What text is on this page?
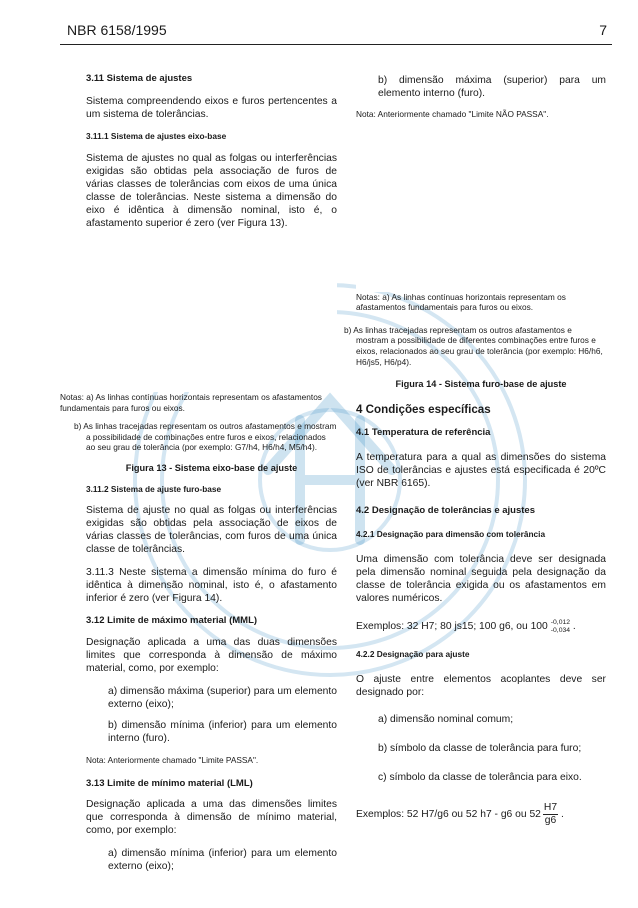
NBR 6158/1995	7

3.11 Sistema de ajustes

Sistema compreendendo eixos e furos pertencentes a um sistema de tolerâncias.

3.11.1 Sistema de ajustes eixo-base

Sistema de ajustes no qual as folgas ou interferências exigidas são obtidas pela associação de furos de várias classes de tolerâncias com eixos de uma única classe de tolerâncias. Neste sistema a dimensão do eixo é idêntica à dimensão nominal, isto é, o afastamento superior é zero (ver Figura 13).

Notas: a) As linhas contínuas horizontais representam os afastamentos fundamentais para furos ou eixos.

b) As linhas tracejadas representam os outros afastamentos e mostram a possibilidade de combinações entre furos e eixos, relacionados ao seu grau de tolerância (por exemplo: G7/h4, H6/h4, M5/h4).

Figura 13 - Sistema eixo-base de ajuste

3.11.2 Sistema de ajuste furo-base

Sistema de ajuste no qual as folgas ou interferências exigidas são obtidas pela associação de eixos de várias classes de tolerâncias, com furos de uma única classe de tolerâncias.

3.11.3 Neste sistema a dimensão mínima do furo é idêntica à dimensão nominal, isto é, o afastamento inferior é zero (ver Figura 14).

3.12 Limite de máximo material (MML)

Designação aplicada a uma das duas dimensões limites que corresponda à dimensão de máximo material, como, por exemplo:

a) dimensão máxima (superior) para um elemento externo (eixo);

b) dimensão mínima (inferior) para um elemento interno (furo).

Nota: Anteriormente chamado "Limite PASSA".

3.13 Limite de mínimo material (LML)

Designação aplicada a uma das dimensões limites que corresponda à dimensão de mínimo material, como, por exemplo:

a) dimensão mínima (inferior) para um elemento externo (eixo);

b) dimensão máxima (superior) para um elemento interno (furo).

Nota: Anteriormente chamado "Limite NÃO PASSA".

Notas: a) As linhas contínuas horizontais representam os afastamentos fundamentais para furos ou eixos.

b) As linhas tracejadas representam os outros afastamentos e mostram a possibilidade de diferentes combinações entre furos e eixos, relacionados ao seu grau de tolerância (por exemplo: H6/h6, H6/js5, H6/p4).

Figura 14 - Sistema furo-base de ajuste

4 Condições específicas

4.1 Temperatura de referência

A temperatura para a qual as dimensões do sistema ISO de tolerâncias e ajustes está especificada é 20ºC (ver NBR 6165).

4.2 Designação de tolerâncias e ajustes

4.2.1 Designação para dimensão com tolerância

Uma dimensão com tolerância deve ser designada pela dimensão nominal seguida pela designação da classe de tolerância exigida ou os afastamentos em valores numéricos.

Exemplos: 32 H7; 80 js15; 100 g6, ou 100 -0,012
-0,034 .

4.2.2 Designação para ajuste

O ajuste entre elementos acoplantes deve ser designado por:

a) dimensão nominal comum;

b) símbolo da classe de tolerância para furo;

c) símbolo da classe de tolerância para eixo.

Exemplos: 52 H7/g6 ou 52 h7 - g6 ou $52 \frac{H7}{g6}$ .
